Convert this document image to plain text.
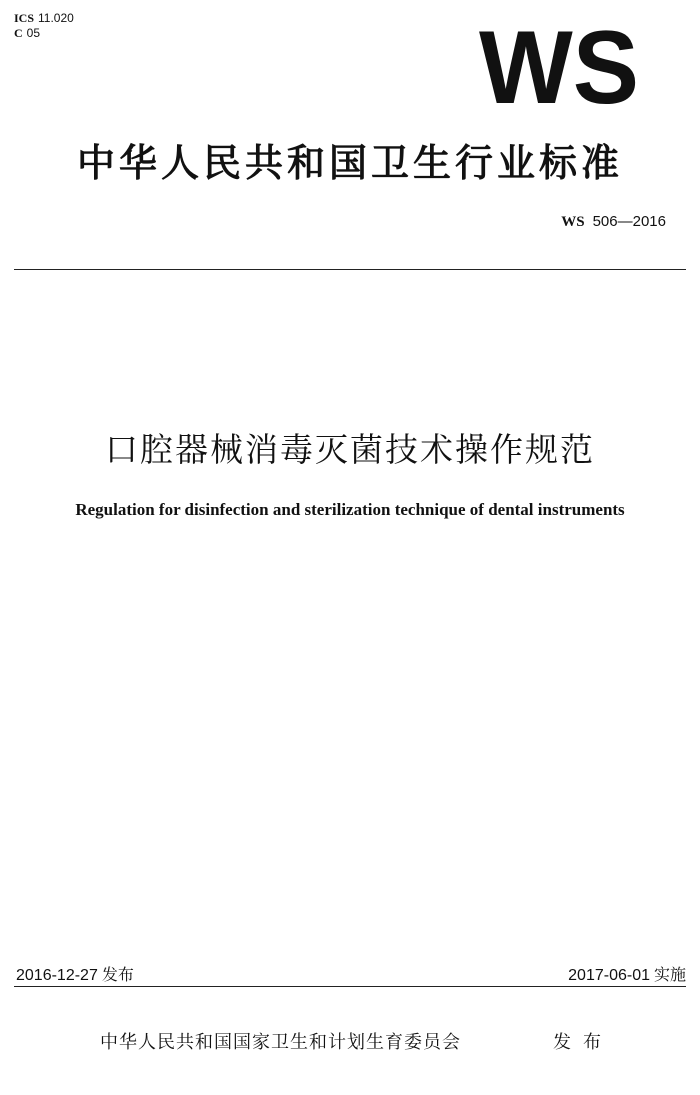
ICS 11.020
C 05	WS
中华人民共和国卫生行业标准
WS 506—2016
口腔器械消毒灭菌技术操作规范
Regulation for disinfection and sterilization technique of dental instruments
2016-12-27 发布	2017-06-01 实施
中华人民共和国国家卫生和计划生育委员会	发布
